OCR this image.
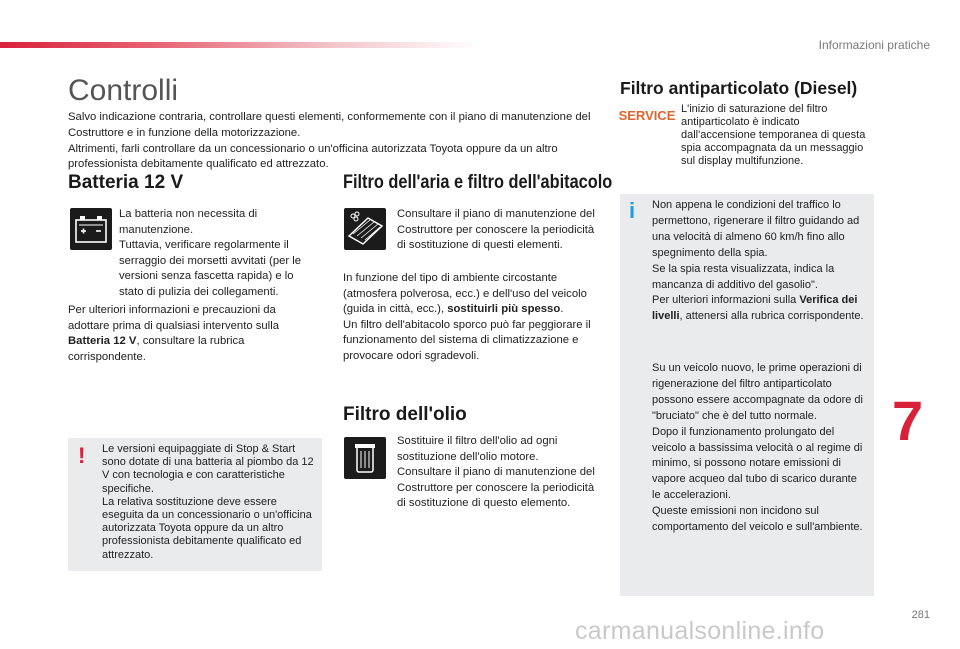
Informazioni pratiche
Controlli

Salvo indicazione contraria, controllare questi elementi, conformemente con il piano di manutenzione del Costruttore e in funzione della motorizzazione.

Altrimenti, farli controllare da un concessionario o un'officina autorizzata Toyota oppure da un altro professionista debitamente qualificato ed attrezzato.

Batteria 12 V

La batteria non necessita di manutenzione.

Tuttavia, verificare regolarmente il serraggio dei morsetti avvitati (per le versioni senza fascetta rapida) e lo stato di pulizia dei collegamenti.

Per ulteriori informazioni e precauzioni da adottare prima di qualsiasi intervento sulla Batteria 12 V, consultare la rubrica corrispondente.
! Le versioni equipaggiate di Stop & Start sono dotate di una batteria al piombo da 12 V con tecnologia e con caratteristiche specifiche.

La relativa sostituzione deve essere eseguita da un concessionario o un'officina autorizzata Toyota oppure da un altro professionista debitamente qualificato ed attrezzato.

Filtro dell'aria e filtro dell'abitacolo
Consultare il piano di manutenzione del Costruttore per conoscere la periodicità di sostituzione di questi elementi.

In funzione del tipo di ambiente circostante (atmosfera polverosa, ecc.) e dell'uso del veicolo (guida in città, ecc.), sostituirli più spesso.

Un filtro dell'abitacolo sporco può far peggiorare il funzionamento del sistema di climatizzazione e provocare odori sgradevoli.

Filtro dell'olio

Sostituire il filtro dell'olio ad ogni sostituzione dell'olio motore.

Consultare il piano di manutenzione del Costruttore per conoscere la periodicità di sostituzione di questo elemento.

Filtro antiparticolato (Diesel)
SERVICE L'inizio di saturazione del filtro antiparticolato è indicato dall'accensione temporanea di questa spia accompagnata da un messaggio sul display multifunzione.
i Non appena le condizioni del traffico lo permettono, rigenerare il filtro guidando ad una velocità di almeno 60 km/h fino allo spegnimento della spia.

Se la spia resta visualizzata, indica la mancanza di additivo del gasolio".

Per ulteriori informazioni sulla Verifica dei livelli, attenersi alla rubrica corrispondente.

Su un veicolo nuovo, le prime operazioni di rigenerazione del filtro antiparticolato possono essere accompagnate da odore di "bruciato" che è del tutto normale.

Dopo il funzionamento prolungato del veicolo a bassissima velocità o al regime di minimo, si possono notare emissioni di vapore acqueo dal tubo di scarico durante le accelerazioni.

Queste emissioni non incidono sul comportamento del veicolo e sull'ambiente.

7
281
carmanualsonline.info
